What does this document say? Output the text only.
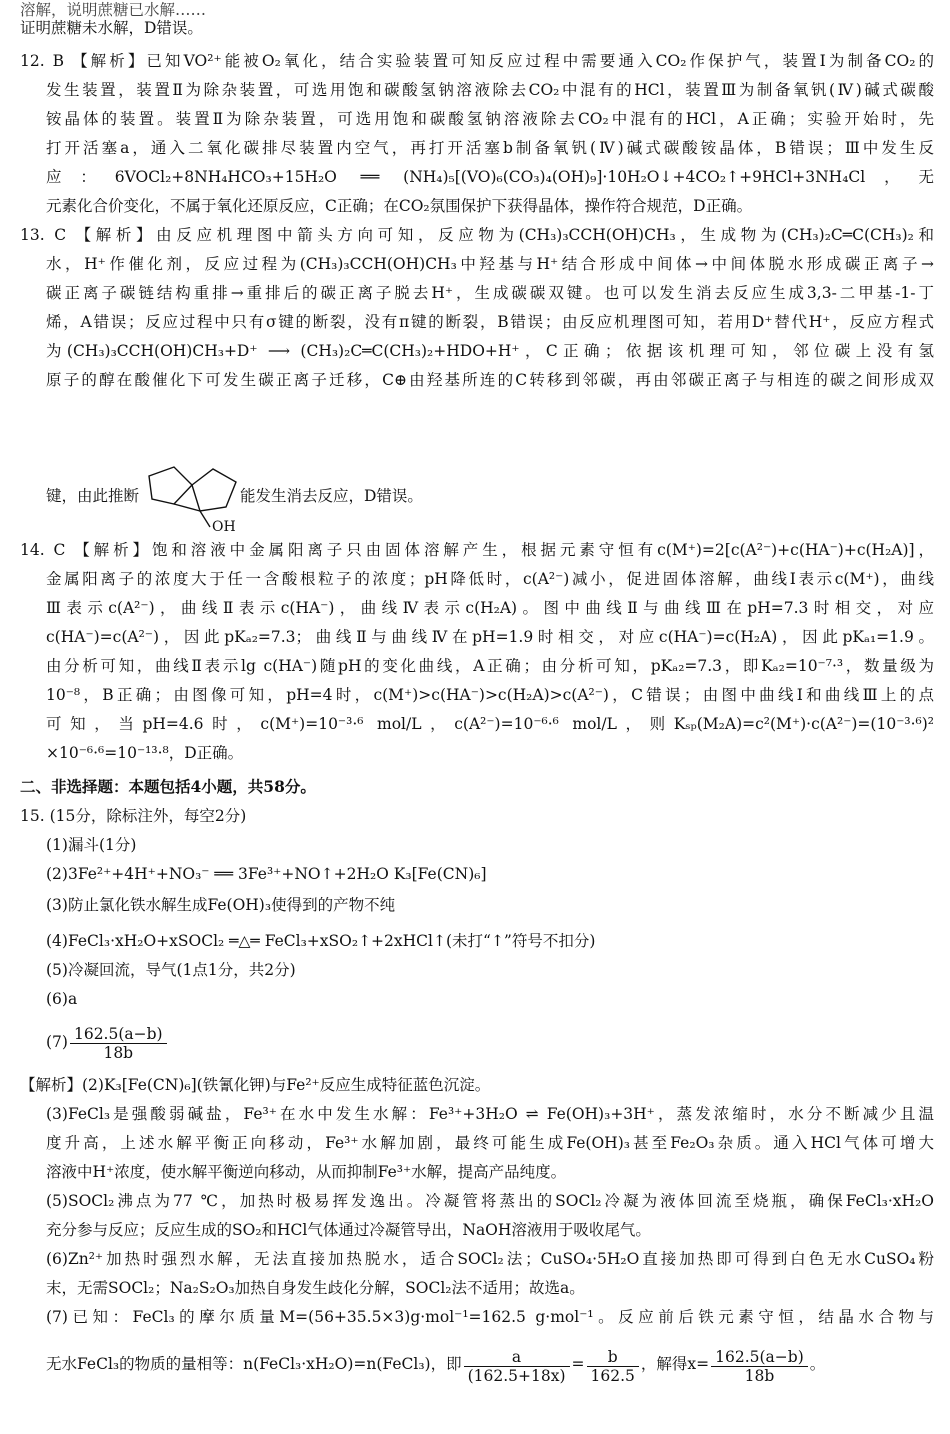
溶解，说明蔗糖已水解……
证明蔗糖未水解，D错误。
12. B 【解析】已知VO²⁺能被O₂氧化，结合实验装置可知反应过程中需要通入CO₂作保护气，装置Ⅰ为制备CO₂的
发生装置，装置Ⅱ为除杂装置，可选用饱和碳酸氢钠溶液除去CO₂中混有的HCl，装置Ⅲ为制备氧钒(Ⅳ)碱式碳酸
铵晶体的装置。装置Ⅱ为除杂装置，可选用饱和碳酸氢钠溶液除去CO₂中混有的HCl，A正确；实验开始时，先
打开活塞a，通入二氧化碳排尽装置内空气，再打开活塞b制备氧钒(Ⅳ)碱式碳酸铵晶体，B错误；Ⅲ中发生反
应：6VOCl₂+8NH₄HCO₃+15H₂O ══ (NH₄)₅[(VO)₆(CO₃)₄(OH)₉]·10H₂O↓+4CO₂↑+9HCl+3NH₄Cl，无
元素化合价变化，不属于氧化还原反应，C正确；在CO₂氛围保护下获得晶体，操作符合规范，D正确。
13. C 【解析】由反应机理图中箭头方向可知，反应物为(CH₃)₃CCH(OH)CH₃，生成物为(CH₃)₂C═C(CH₃)₂和
水，H⁺作催化剂，反应过程为(CH₃)₃CCH(OH)CH₃中羟基与H⁺结合形成中间体→中间体脱水形成碳正离子→
碳正离子碳链结构重排→重排后的碳正离子脱去H⁺，生成碳碳双键。也可以发生消去反应生成3,3-二甲基-1-丁
烯，A错误；反应过程中只有σ键的断裂，没有π键的断裂，B错误；由反应机理图可知，若用D⁺替代H⁺，反应方程式
为(CH₃)₃CCH(OH)CH₃+D⁺ ⟶ (CH₃)₂C═C(CH₃)₂+HDO+H⁺，C正确；依据该机理可知，邻位碳上没有氢
原子的醇在酸催化下可发生碳正离子迁移，C⊕由羟基所连的C转移到邻碳，再由邻碳正离子与相连的碳之间形成双
键，由此推断
OH
能发生消去反应，D错误。
14. C 【解析】饱和溶液中金属阳离子只由固体溶解产生，根据元素守恒有c(M⁺)=2[c(A²⁻)+c(HA⁻)+c(H₂A)]，
金属阳离子的浓度大于任一含酸根粒子的浓度；pH降低时，c(A²⁻)减小，促进固体溶解，曲线Ⅰ表示c(M⁺)，曲线
Ⅲ表示c(A²⁻)，曲线Ⅱ表示c(HA⁻)，曲线Ⅳ表示c(H₂A)。图中曲线Ⅱ与曲线Ⅲ在pH=7.3时相交，对应
c(HA⁻)=c(A²⁻)，因此pKₐ₂=7.3；曲线Ⅱ与曲线Ⅳ在pH=1.9时相交，对应c(HA⁻)=c(H₂A)，因此pKₐ₁=1.9。
由分析可知，曲线Ⅱ表示lg c(HA⁻)随pH的变化曲线，A正确；由分析可知，pKₐ₂=7.3，即Kₐ₂=10⁻⁷·³，数量级为
10⁻⁸，B正确；由图像可知，pH=4时，c(M⁺)>c(HA⁻)>c(H₂A)>c(A²⁻)，C错误；由图中曲线Ⅰ和曲线Ⅲ上的点
可知，当pH=4.6时，c(M⁺)=10⁻³·⁶ mol/L，c(A²⁻)=10⁻⁶·⁶ mol/L，则Kₛₚ(M₂A)=c²(M⁺)·c(A²⁻)=(10⁻³·⁶)²
×10⁻⁶·⁶=10⁻¹³·⁸，D正确。
二、非选择题：本题包括4小题，共58分。
15. (15分，除标注外，每空2分)
(1)漏斗(1分)
(2)3Fe²⁺+4H⁺+NO₃⁻ ══ 3Fe³⁺+NO↑+2H₂O K₃[Fe(CN)₆]
(3)防止氯化铁水解生成Fe(OH)₃使得到的产物不纯
(4)FeCl₃·xH₂O+xSOCl₂ ═△═ FeCl₃+xSO₂↑+2xHCl↑(未打“↑”符号不扣分)
(5)冷凝回流，导气(1点1分，共2分)
(6)a
$(7) \frac{162.5(a-b)}{18b}$
【解析】(2)K₃[Fe(CN)₆](铁氰化钾)与Fe²⁺反应生成特征蓝色沉淀。
(3)FeCl₃是强酸弱碱盐，Fe³⁺在水中发生水解：Fe³⁺+3H₂O ⇌ Fe(OH)₃+3H⁺，蒸发浓缩时，水分不断减少且温
度升高，上述水解平衡正向移动，Fe³⁺水解加剧，最终可能生成Fe(OH)₃甚至Fe₂O₃杂质。通入HCl气体可增大
溶液中H⁺浓度，使水解平衡逆向移动，从而抑制Fe³⁺水解，提高产品纯度。
(5)SOCl₂沸点为77 ℃，加热时极易挥发逸出。冷凝管将蒸出的SOCl₂冷凝为液体回流至烧瓶，确保FeCl₃·xH₂O
充分参与反应；反应生成的SO₂和HCl气体通过冷凝管导出，NaOH溶液用于吸收尾气。
(6)Zn²⁺加热时强烈水解，无法直接加热脱水，适合SOCl₂法；CuSO₄·5H₂O直接加热即可得到白色无水CuSO₄粉
末，无需SOCl₂；Na₂S₂O₃加热自身发生歧化分解，SOCl₂法不适用；故选a。
(7)已知：FeCl₃的摩尔质量M=(56+35.5×3)g·mol⁻¹=162.5 g·mol⁻¹。反应前后铁元素守恒，结晶水合物与
无水FeCl₃的物质的量相等：n(FeCl₃·xH₂O)=n(FeCl₃)，即 $\frac{a}{(162.5+18x)} = \frac{b}{162.5}$ ，解得$x= \frac{162.5(a-b)}{18b}$ 。
